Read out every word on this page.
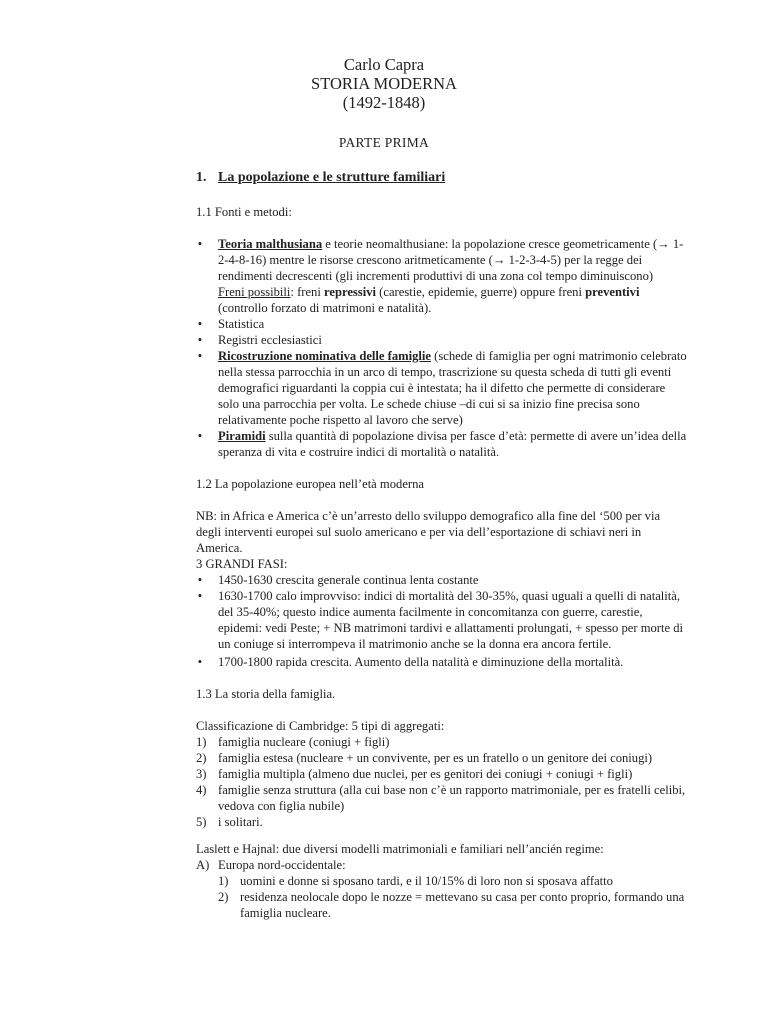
Carlo Capra
STORIA MODERNA
(1492-1848)
PARTE PRIMA
1. La popolazione e le strutture familiari
1.1 Fonti e metodi:
• Teoria malthusiana e teorie neomalthusiane: la popolazione cresce geometricamente (→ 1-
2-4-8-16) mentre le risorse crescono aritmeticamente (→ 1-2-3-4-5) per la regge dei
rendimenti decrescenti (gli incrementi produttivi di una zona col tempo diminuiscono)
Freni possibili: freni repressivi (carestie, epidemie, guerre) oppure freni preventivi
(controllo forzato di matrimoni e natalità).
• Statistica
• Registri ecclesiastici
• Ricostruzione nominativa delle famiglie (schede di famiglia per ogni matrimonio celebrato
nella stessa parrocchia in un arco di tempo, trascrizione su questa scheda di tutti gli eventi
demografici riguardanti la coppia cui è intestata; ha il difetto che permette di considerare
solo una parrocchia per volta. Le schede chiuse –di cui si sa inizio fine precisa sono
relativamente poche rispetto al lavoro che serve)
• Piramidi sulla quantità di popolazione divisa per fasce d’età: permette di avere un’idea della
speranza di vita e costruire indici di mortalità o natalità.
1.2 La popolazione europea nell’età moderna
NB: in Africa e America c’è un’arresto dello sviluppo demografico alla fine del ‘500 per via
degli interventi europei sul suolo americano e per via dell’esportazione di schiavi neri in
America.
3 GRANDI FASI:
• 1450-1630 crescita generale continua lenta costante
• 1630-1700 calo improvviso: indici di mortalità del 30-35%, quasi uguali a quelli di natalità,
del 35-40%; questo indice aumenta facilmente in concomitanza con guerre, carestie,
epidemi: vedi Peste; + NB matrimoni tardivi e allattamenti prolungati, + spesso per morte di
un coniuge si interrompeva il matrimonio anche se la donna era ancora fertile.
• 1700-1800 rapida crescita. Aumento della natalità e diminuzione della mortalità.
1.3 La storia della famiglia.
Classificazione di Cambridge: 5 tipi di aggregati:
1) famiglia nucleare (coniugi + figli)
2) famiglia estesa (nucleare + un convivente, per es un fratello o un genitore dei coniugi)
3) famiglia multipla (almeno due nuclei, per es genitori dei coniugi + coniugi + figli)
4) famiglie senza struttura (alla cui base non c’è un rapporto matrimoniale, per es fratelli celibi,
vedova con figlia nubile)
5) i solitari.
Laslett e Hajnal: due diversi modelli matrimoniali e familiari nell’ancién regime:
A) Europa nord-occidentale:
1) uomini e donne si sposano tardi, e il 10/15% di loro non si sposava affatto
2) residenza neolocale dopo le nozze = mettevano su casa per conto proprio, formando una
famiglia nucleare.
